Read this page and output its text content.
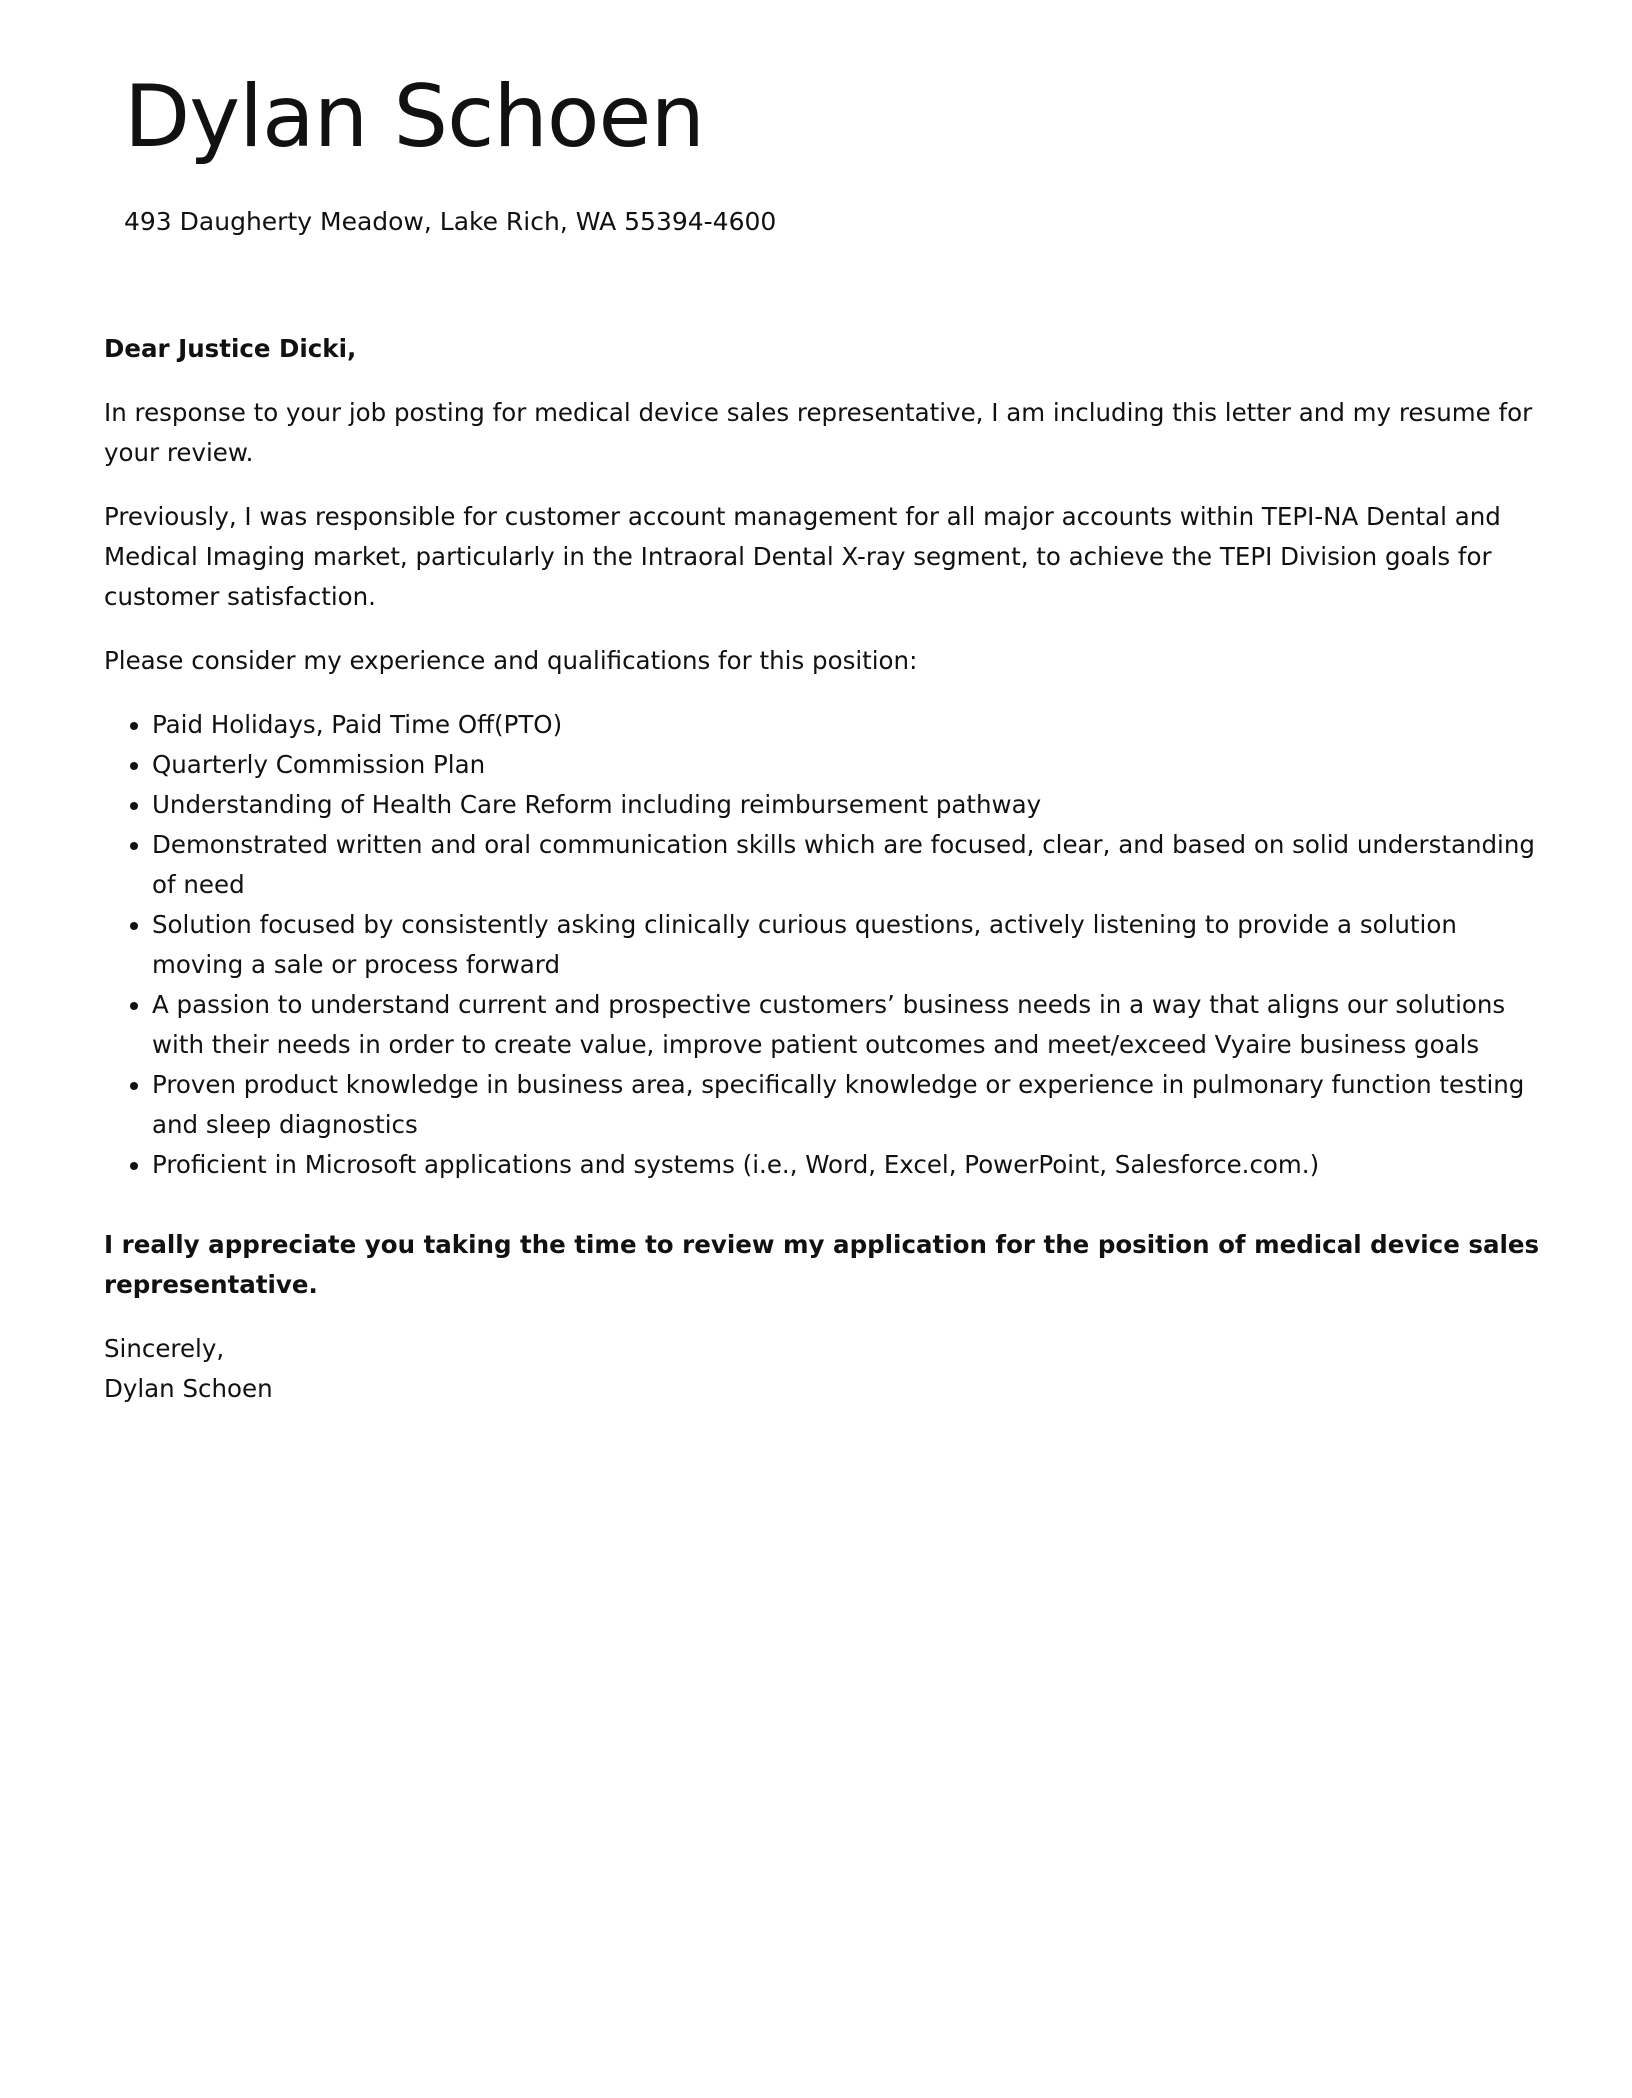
Dylan Schoen

493 Daugherty Meadow, Lake Rich, WA 55394-4600

Dear Justice Dicki,

In response to your job posting for medical device sales representative, I am including this letter and my resume for your review.

Previously, I was responsible for customer account management for all major accounts within TEPI-NA Dental and Medical Imaging market, particularly in the Intraoral Dental X-ray segment, to achieve the TEPI Division goals for customer satisfaction.

Please consider my experience and qualifications for this position:

• Paid Holidays, Paid Time Off(PTO)
• Quarterly Commission Plan
• Understanding of Health Care Reform including reimbursement pathway
• Demonstrated written and oral communication skills which are focused, clear, and based on solid understanding of need
• Solution focused by consistently asking clinically curious questions, actively listening to provide a solution moving a sale or process forward
• A passion to understand current and prospective customers’ business needs in a way that aligns our solutions with their needs in order to create value, improve patient outcomes and meet/exceed Vyaire business goals
• Proven product knowledge in business area, specifically knowledge or experience in pulmonary function testing and sleep diagnostics
• Proficient in Microsoft applications and systems (i.e., Word, Excel, PowerPoint, Salesforce.com.)

I really appreciate you taking the time to review my application for the position of medical device sales representative.

Sincerely,
Dylan Schoen
